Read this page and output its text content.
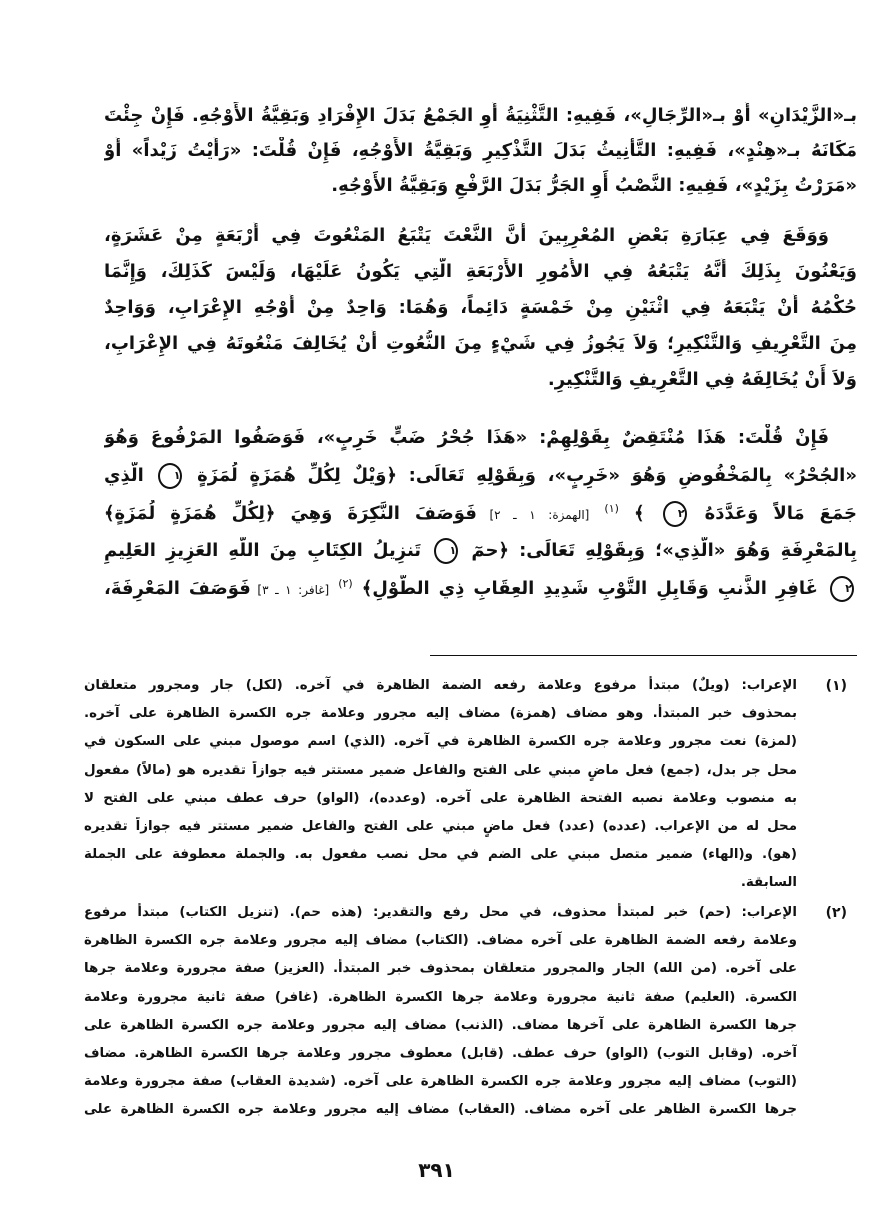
بـ«الزَّيْدَانِ» أَوْ بـ«الرِّجَالِ»، فَفِيهِ: التَّثْنِيَةُ أَوِ الجَمْعُ بَدَلَ الإِفْرَادِ وَبَقِيَّةُ الأَوْجُهِ. فَإِنْ جِئْتَ
مَكَانَهُ بـ«هِنْدٍ»، فَفِيهِ: التَّأْنِيثُ بَدَلَ التَّذْكِيرِ وَبَقِيَّةُ الأَوْجُهِ، فَإِنْ قُلْتَ: «رَأَيْتُ زَيْداً» أَوْ
«مَرَرْتُ بِزَيْدٍ»، فَفِيهِ: النَّصْبُ أَوِ الجَرُّ بَدَلَ الرَّفْعِ وَبَقِيَّةُ الأَوْجُهِ.
وَوَقَعَ فِي عِبَارَةِ بَعْضِ المُعْرِبِينَ أَنَّ النَّعْتَ يَتْبَعُ المَنْعُوتَ فِي أَرْبَعَةٍ مِنْ عَشَرَةٍ،
وَيَعْنُونَ بِذَلِكَ أَنَّهُ يَتْبَعُهُ فِي الأُمُورِ الأَرْبَعَةِ الَّتِي يَكُونُ عَلَيْهَا، وَلَيْسَ كَذَلِكَ، وَإِنَّمَا
حُكْمُهُ أَنْ يَتْبَعَهُ فِي اثْنَيْنِ مِنْ خَمْسَةٍ دَائِماً، وَهُمَا: وَاحِدٌ مِنْ أَوْجُهِ الإِعْرَابِ، وَوَاحِدٌ
مِنَ التَّعْرِيفِ وَالتَّنْكِيرِ؛ وَلاَ يَجُوزُ فِي شَيْءٍ مِنَ النُّعُوتِ أَنْ يُخَالِفَ مَنْعُوتَهُ فِي الإِعْرَابِ،
وَلاَ أَنْ يُخَالِفَهُ فِي التَّعْرِيفِ وَالتَّنْكِيرِ.
فَإِنْ قُلْتَ: هَذَا مُنْتَقِضٌ بِقَوْلِهِمْ: «هَذَا جُحْرُ ضَبٍّ خَرِبٍ»، فَوَصَفُوا المَرْفُوعَ وَهُوَ
«الجُحْرُ» بِالمَخْفُوضِ وَهُوَ «خَرِبٍ»، وَبِقَوْلِهِ تَعَالَى: ﴿وَيْلٌ لِكُلِّ هُمَزَةٍ لُمَزَةٍ ١ الَّذِي
جَمَعَ مَالاً وَعَدَّدَهُ ٢ ﴾ $^{(١)}$ [الهمزة: ١ ـ ٢] فَوَصَفَ النَّكِرَةَ وَهِيَ ﴿لِكُلِّ هُمَزَةٍ لُمَزَةٍ﴾
بِالمَعْرِفَةِ وَهُوَ «الَّذِي»؛ وَبِقَوْلِهِ تَعَالَى: ﴿حمٓ ١ تَنزِيلُ الكِتَابِ مِنَ اللَّهِ العَزِيزِ العَلِيمِ
٢ غَافِرِ الذَّنبِ وَقَابِلِ التَّوْبِ شَدِيدِ العِقَابِ ذِي الطَّوْلِ﴾ $^{(٢)}$ [غافر: ١ ـ ٣] فَوَصَفَ المَعْرِفَةَ،
(١)
الإعراب: (ويلٌ) مبتدأ مرفوع وعلامة رفعه الضمة الظاهرة في آخره. (لكل) جار ومجرور متعلقان
بمحذوف خبر المبتدأ. وهو مضاف (همزة) مضاف إليه مجرور وعلامة جره الكسرة الظاهرة على آخره.
(لمزة) نعت مجرور وعلامة جره الكسرة الظاهرة في آخره. (الذي) اسم موصول مبني على السكون في
محل جر بدل، (جمع) فعل ماضٍ مبني على الفتح والفاعل ضمير مستتر فيه جوازاً تقديره هو (مالاً) مفعول
به منصوب وعلامة نصبه الفتحة الظاهرة على آخره. (وعدده)، (الواو) حرف عطف مبني على الفتح لا
محل له من الإعراب. (عدده) (عدد) فعل ماضٍ مبني على الفتح والفاعل ضمير مستتر فيه جوازاً تقديره
(هو). و(الهاء) ضمير متصل مبني على الضم في محل نصب مفعول به. والجملة معطوفة على الجملة
السابقة.
(٢)
الإعراب: (حم) خبر لمبتدأ محذوف، في محل رفع والتقدير: (هذه حم). (تنزيل الكتاب) مبتدأ مرفوع
وعلامة رفعه الضمة الظاهرة على آخره مضاف. (الكتاب) مضاف إليه مجرور وعلامة جره الكسرة الظاهرة
على آخره. (من الله) الجار والمجرور متعلقان بمحذوف خبر المبتدأ. (العزيز) صفة مجرورة وعلامة جرها
الكسرة. (العليم) صفة ثانية مجرورة وعلامة جرها الكسرة الظاهرة. (غافر) صفة ثانية مجرورة وعلامة
جرها الكسرة الظاهرة على آخرها مضاف. (الذنب) مضاف إليه مجرور وعلامة جره الكسرة الظاهرة على
آخره. (وقابل التوب) (الواو) حرف عطف. (قابل) معطوف مجرور وعلامة جرها الكسرة الظاهرة. مضاف
(التوب) مضاف إليه مجرور وعلامة جره الكسرة الظاهرة على آخره. (شديدة العقاب) صفة مجرورة وعلامة
جرها الكسرة الظاهر على آخره مضاف. (العقاب) مضاف إليه مجرور وعلامة جره الكسرة الظاهرة على
٣٩١
